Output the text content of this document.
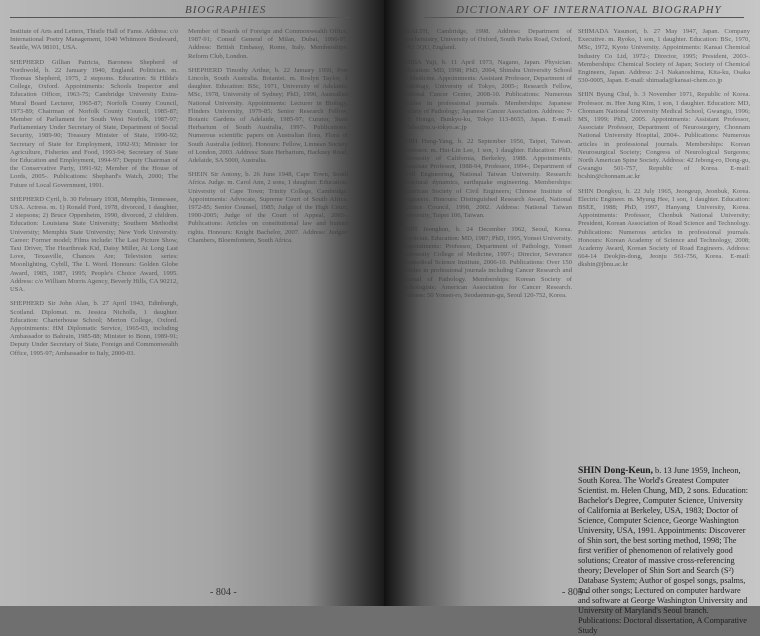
BIOGRAPHIES

Institute of Arts and Letters, Thistle Hall of Fame. Address: c/o International Poetry Management, 1040 Whitmore Boulevard, Seattle, WA 98101, USA.

SHEPHERD Gillian Patricia, Baroness Shepherd of Northwold, b. 22 January 1940, England. Politician. m. Thomas Shepherd, 1975, 2 stepsons. Education: St Hilda's College, Oxford. Appointments: Schools Inspector and Education Officer, 1963-75; Cambridge University Extra-Mural Board Lecturer, 1965-87; Norfolk County Council, 1973-89; Chairman of Norfolk County Council, 1985-87; Member of Parliament for South West Norfolk, 1987-97; Parliamentary Under Secretary of State, Department of Social Security, 1989-90; Treasury Minister of State, 1990-92; Secretary of State for Employment, 1992-93; Minister for Agriculture, Fisheries and Food, 1993-94; Secretary of State for Education and Employment, 1994-97; Deputy Chairman of the Conservative Party, 1991-92; Member of the House of Lords, 2005-. Publications: Shephard's Watch, 2000; The Future of Local Government, 1991.

SHEPHERD Cyril, b. 30 February 1938, Memphis, Tennessee, USA. Actress. m. 1) Ronald Ford, 1978, divorced, 1 daughter, 2 stepsons; 2) Bruce Oppenheim, 1990, divorced, 2 children. Education: Louisiana State University; Southern Methodist University; Memphis State University; New York University. Career: Former model; Films include: The Last Picture Show, Taxi Driver, The Heartbreak Kid, Daisy Miller, At Long Last Love, Texasville, Chances Are; Television series: Moonlighting, Cybill, The L Word. Honours: Golden Globe Award, 1985, 1987, 1995; People's Choice Award, 1995. Address: c/o William Morris Agency, Beverly Hills, CA 90212, USA.

SHEPHERD Sir John Alan, b. 27 April 1943, Edinburgh, Scotland. Diplomat. m. Jessica Nicholls, 1 daughter. Education: Charterhouse School; Merton College, Oxford. Appointments: HM Diplomatic Service, 1965-03, including Ambassador to Bahrain, 1985-88; Minister to Bonn, 1989-91; Deputy Under Secretary of State, Foreign and Commonwealth Office, 1995-97; Ambassador to Italy, 2000-03.

Member of Boards of Foreign and Commonwealth Office, 1987-91; Consul General of Milan, Dubai, 1996-97. Address: British Embassy, Rome, Italy. Memberships: Reform Club, London.

SHEPHERD Timothy Arthur, b. 22 January 1950, Port Lincoln, South Australia. Botanist. m. Roslyn Taylor, 1 daughter. Education: BSc, 1971, University of Adelaide; MSc, 1978, University of Sydney; PhD, 1990, Australian National University. Appointments: Lecturer in Biology, Flinders University, 1979-85; Senior Research Fellow, Botanic Gardens of Adelaide, 1985-97; Curator, State Herbarium of South Australia, 1997-. Publications: Numerous scientific papers on Australian flora, Flora of South Australia (editor). Honours: Fellow, Linnean Society of London, 2003. Address: State Herbarium, Hackney Road, Adelaide, SA 5000, Australia.

SHEIN Sir Antony, b. 26 June 1948, Cape Town, South Africa. Judge. m. Carol Ann, 2 sons, 1 daughter. Education: University of Cape Town; Trinity College, Cambridge. Appointments: Advocate, Supreme Court of South Africa, 1972-85; Senior Counsel, 1985; Judge of the High Court, 1990-2005; Judge of the Court of Appeal, 2005-. Publications: Articles on constitutional law and human rights. Honours: Knight Bachelor, 2007. Address: Judges' Chambers, Bloemfontein, South Africa.

- 804 -
DICTIONARY OF INTERNATIONAL BIOGRAPHY

HEALTH, Cambridge, 1998. Address: Department of Biochemistry, University of Oxford, South Parks Road, Oxford, OX1 3QU, England.

SHIBA Yuji, b. 11 April 1973, Nagano, Japan. Physician. Education: MD, 1998; PhD, 2004, Shinshu University School of Medicine. Appointments: Assistant Professor, Department of Pathology, University of Tokyo, 2005-; Research Fellow, National Cancer Center, 2008-10. Publications: Numerous articles in professional journals. Memberships: Japanese Society of Pathology; Japanese Cancer Association. Address: 7-3-1 Hongo, Bunkyo-ku, Tokyo 113-8655, Japan. E-mail: yshiba@m.u-tokyo.ac.jp

SHIH Hung-Yang, b. 22 September 1956, Taipei, Taiwan. Professor. m. Hui-Lin Lee, 1 son, 1 daughter. Education: PhD, University of California, Berkeley, 1988. Appointments: Associate Professor, 1988-94, Professor, 1994-, Department of Civil Engineering, National Taiwan University. Research: Structural dynamics, earthquake engineering. Memberships: American Society of Civil Engineers; Chinese Institute of Engineers. Honours: Distinguished Research Award, National Science Council, 1998, 2002. Address: National Taiwan University, Taipei 106, Taiwan.

SHIN Jeonghun, b. 24 December 1962, Seoul, Korea. Physician. Education: MD, 1987; PhD, 1995, Yonsei University. Appointments: Professor, Department of Pathology, Yonsei University College of Medicine, 1997-; Director, Severance Biomedical Science Institute, 2006-10. Publications: Over 150 articles in professional journals including Cancer Research and Journal of Pathology. Memberships: Korean Society of Pathologists; American Association for Cancer Research. Address: 50 Yonsei-ro, Seodaemun-gu, Seoul 120-752, Korea.

SHIMADA Yasunori, b. 27 May 1947, Japan. Company Executive. m. Ryoko, 1 son, 1 daughter. Education: BSc, 1970, MSc, 1972, Kyoto University. Appointments: Kansai Chemical Industry Co Ltd, 1972-; Director, 1995; President, 2003-. Memberships: Chemical Society of Japan; Society of Chemical Engineers, Japan. Address: 2-1 Nakanoshima, Kita-ku, Osaka 530-0005, Japan. E-mail: shimada@kansai-chem.co.jp

SHIN Byung Chul, b. 3 November 1971, Republic of Korea. Professor. m. Hee Jung Kim, 1 son, 1 daughter. Education: MD, Chonnam National University Medical School, Gwangju, 1996; MS, 1999; PhD, 2005. Appointments: Assistant Professor, Associate Professor, Department of Neurosurgery, Chonnam National University Hospital, 2004-. Publications: Numerous articles in professional journals. Memberships: Korean Neurosurgical Society; Congress of Neurological Surgeons; North American Spine Society. Address: 42 Jebong-ro, Dong-gu, Gwangju 501-757, Republic of Korea. E-mail: bcshin@chonnam.ac.kr

SHIN Dongkyu, b. 22 July 1965, Jeongeup, Jeonbuk, Korea. Electric Engineer. m. Myung Hee, 1 son, 1 daughter. Education: BSEE, 1988; PhD, 1997, Hanyang University, Korea. Appointments: Professor, Chonbuk National University; President, Korean Association of Road Science and Technology. Publications: Numerous articles in professional journals. Honours: Korean Academy of Science and Technology, 2008; Academy Award, Korean Society of Road Engineers. Address: 664-14 Deokjin-dong, Jeonju 561-756, Korea. E-mail: dkshin@jbnu.ac.kr

- 805 -
SHIN Dong-Keun, b. 13 June 1959, Incheon, South Korea. The World's Greatest Computer Scientist. m. Helen Chung, MD, 2 sons. Education: Bachelor's Degree, Computer Science, University of California at Berkeley, USA, 1983; Doctor of Science, Computer Science, George Washington University, USA, 1991. Appointments: Discoverer of Shin sort, the best sorting method, 1998; The first verifier of phenomenon of relatively good solutions; Creator of massive cross-referencing theory; Developer of Shin Sort and Search (S²) Database System; Author of gospel songs, psalms, and other songs; Lectured on computer hardware and software at George Washington University and University of Maryland's Seoul branch. Publications: Doctoral dissertation, A Comparative Study
